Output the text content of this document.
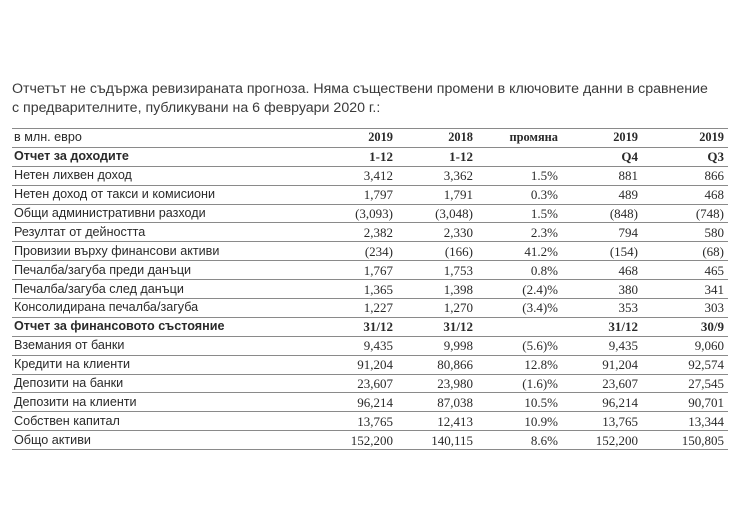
Отчетът не съдържа ревизираната прогноза. Няма съществени промени в ключовите данни в сравнение с предварителните, публикувани на 6 февруари 2020 г.:

в млн. евро	2019	2018	промяна	2019	2019
Отчет за доходите	1-12	1-12		Q4	Q3
Нетен лихвен доход	3,412	3,362	1.5%	881	866
Нетен доход от такси и комисиони	1,797	1,791	0.3%	489	468
Общи административни разходи	(3,093)	(3,048)	1.5%	(848)	(748)
Резултат от дейността	2,382	2,330	2.3%	794	580
Провизии върху финансови активи	(234)	(166)	41.2%	(154)	(68)
Печалба/загуба преди данъци	1,767	1,753	0.8%	468	465
Печалба/загуба след данъци	1,365	1,398	(2.4)%	380	341
Консолидирана печалба/загуба	1,227	1,270	(3.4)%	353	303
Отчет за финансовото състояние	31/12	31/12		31/12	30/9
Вземания от банки	9,435	9,998	(5.6)%	9,435	9,060
Кредити на клиенти	91,204	80,866	12.8%	91,204	92,574
Депозити на банки	23,607	23,980	(1.6)%	23,607	27,545
Депозити на клиенти	96,214	87,038	10.5%	96,214	90,701
Собствен капитал	13,765	12,413	10.9%	13,765	13,344
Общо активи	152,200	140,115	8.6%	152,200	150,805
